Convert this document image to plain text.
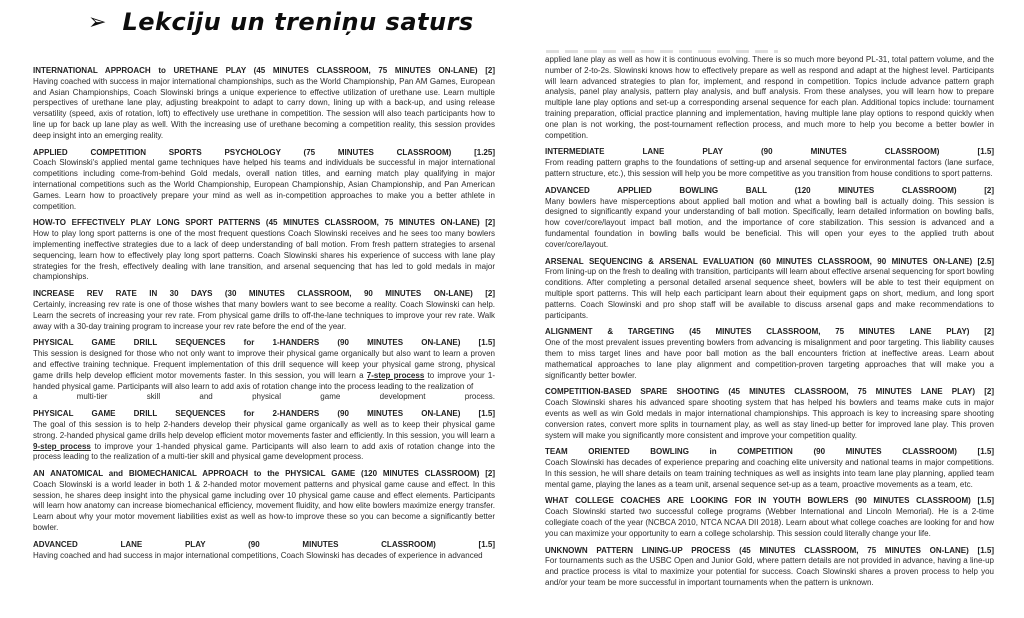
➢ Lekciju un treniņu saturs

INTERNATIONAL APPROACH to URETHANE PLAY (45 MINUTES CLASSROOM, 75 MINUTES ON-LANE) [2]

Having coached with success in major international championships, such as the World Championship, Pan AM Games, European and Asian Championships, Coach Slowinski brings a unique experience to effective utilization of urethane use. Learn multiple perspectives of urethane lane play, adjusting breakpoint to adapt to carry down, lining up with a back-up, and using release versatility (speed, axis of rotation, loft) to effectively use urethane in competition. The session will also teach participants how to line up for back up lane play as well. With the increasing use of urethane becoming a competition reality, this session provides deep insight into an emerging reality.

APPLIED COMPETITION SPORTS PSYCHOLOGY (75 MINUTES CLASSROOM) [1.25]

Coach Slowinski's applied mental game techniques have helped his teams and individuals be successful in major international competitions including come-from-behind Gold medals, overall nation titles, and earning match play qualifying in major international competitions such as the World Championship, European Championship, Asian Championship, and Pan American Games. Learn how to proactively prepare your mind as well as in-competition approaches to make you a better athlete in competition.

HOW-TO EFFECTIVELY PLAY LONG SPORT PATTERNS (45 MINUTES CLASSROOM, 75 MINUTES ON-LANE) [2]

How to play long sport patterns is one of the most frequent questions Coach Slowinski receives and he sees too many bowlers implementing ineffective strategies due to a lack of deep understanding of ball motion. From fresh pattern strategies to arsenal sequencing, learn how to effectively play long sport patterns. Coach Slowinski shares his experience of success with lane play strategies for the fresh, effectively dealing with lane transition, and arsenal sequencing that has led to gold medals in major championships.

INCREASE REV RATE IN 30 DAYS (30 MINUTES CLASSROOM, 90 MINUTES ON-LANE) [2]

Certainly, increasing rev rate is one of those wishes that many bowlers want to see become a reality. Coach Slowinski can help. Learn the secrets of increasing your rev rate. From physical game drills to off-the-lane techniques to improve your rev rate. Walk away with a 30-day training program to increase your rev rate before the end of the year.

PHYSICAL GAME DRILL SEQUENCES for 1-HANDERS (90 MINUTES ON-LANE) [1.5]

This session is designed for those who not only want to improve their physical game organically but also want to learn a proven and effective training technique. Frequent implementation of this drill sequence will keep your physical game strong, physical game drills help develop efficient motor movements faster. In this session, you will learn a 7-step process to improve your 1-handed physical game. Participants will also learn to add axis of rotation change into the process leading to the realization of

a multi-tier skill and physical game development process.

PHYSICAL GAME DRILL SEQUENCES for 2-HANDERS (90 MINUTES ON-LANE) [1.5]

The goal of this session is to help 2-handers develop their physical game organically as well as to keep their physical game strong. 2-handed physical game drills help develop efficient motor movements faster and efficiently. In this session, you will learn a 9-step process to improve your 1-handed physical game. Participants will also learn to add axis of rotation change into the process leading to the realization of a multi-tier skill and physical game development process.

AN ANATOMICAL and BIOMECHANICAL APPROACH to the PHYSICAL GAME (120 MINUTES CLASSROOM) [2]

Coach Slowinski is a world leader in both 1 & 2-handed motor movement patterns and physical game cause and effect. In this session, he shares deep insight into the physical game including over 10 physical game cause and effect elements. Participants will learn how anatomy can increase biomechanical efficiency, movement fluidity, and how elite bowlers maximize energy transfer. Learn about why your motor movement liabilities exist as well as how-to improve these so you can become a significantly better bowler.

ADVANCED LANE PLAY (90 MINUTES CLASSROOM) [1.5]

Having coached and had success in major international competitions, Coach Slowinski has decades of experience in advanced

applied lane play as well as how it is continuous evolving. There is so much more beyond PL-31, total pattern volume, and the number of 2-to-2s. Slowinski knows how to effectively prepare as well as respond and adapt at the highest level. Participants will learn advanced strategies to plan for, implement, and respond in competition. Topics include advance pattern graph analysis, panel play analysis, pattern play analysis, and buff analysis. From these analyses, you will learn how to prepare multiple lane play options and set-up a corresponding arsenal sequence for each plan. Additional topics include: tournament training preparation, official practice planning and implementation, having multiple lane play options to respond quickly when one plan is not working, the post-tournament reflection process, and much more to help you become a better bowler in competition.

INTERMEDIATE LANE PLAY (90 MINUTES CLASSROOM) [1.5]

From reading pattern graphs to the foundations of setting-up and arsenal sequence for environmental factors (lane surface, pattern structure, etc.), this session will help you be more competitive as you transition from house conditions to sport patterns.

ADVANCED APPLIED BOWLING BALL (120 MINUTES CLASSROOM) [2]

Many bowlers have misperceptions about applied ball motion and what a bowling ball is actually doing. This session is designed to significantly expand your understanding of ball motion. Specifically, learn detailed information on bowling balls, how cover/core/layout impact ball motion, and the importance of core stabilization. This session is advanced and a fundamental foundation in bowling balls would be beneficial. This will open your eyes to the applied truth about cover/core/layout.

ARSENAL SEQUENCING & ARSENAL EVALUATION (60 MINUTES CLASSROOM, 90 MINUTES ON-LANE) [2.5]

From lining-up on the fresh to dealing with transition, participants will learn about effective arsenal sequencing for sport bowling conditions. After completing a personal detailed arsenal sequence sheet, bowlers will be able to test their equipment on multiple sport patterns. This will help each participant learn about their equipment gaps on short, medium, and long sport patterns. Coach Slowinski and pro shop staff will be available to discuss arsenal gaps and make recommendations to participants.

ALIGNMENT & TARGETING (45 MINUTES CLASSROOM, 75 MINUTES LANE PLAY) [2]

One of the most prevalent issues preventing bowlers from advancing is misalignment and poor targeting. This liability causes them to miss target lines and have poor ball motion as the ball encounters friction at ineffective areas. Learn about mathematical approaches to lane play alignment and competition-proven targeting approaches that will make you a significantly better bowler.

COMPETITION-BASED SPARE SHOOTING (45 MINUTES CLASSROOM, 75 MINUTES LANE PLAY) [2]

Coach Slowinski shares his advanced spare shooting system that has helped his bowlers and teams make cuts in major events as well as win Gold medals in major international championships. This approach is key to increasing spare shooting conversion rates, convert more splits in tournament play, as well as stay lined-up better for improved lane play. This proven system will make you significantly more consistent and improve your competition quality.

TEAM ORIENTED BOWLING in COMPETITION (90 MINUTES CLASSROOM) [1.5]

Coach Slowinski has decades of experience preparing and coaching elite university and national teams in major competitions. In this session, he will share details on team training techniques as well as insights into team lane play planning, applied team mental game, playing the lanes as a team unit, arsenal sequence set-up as a team, proactive movements as a team, etc.

WHAT COLLEGE COACHES ARE LOOKING FOR IN YOUTH BOWLERS (90 MINUTES CLASSROOM) [1.5]

Coach Slowinski started two successful college programs (Webber International and Lincoln Memorial). He is a 2-time collegiate coach of the year (NCBCA 2010, NTCA NCAA DII 2018). Learn about what college coaches are looking for and how you can maximize your opportunity to earn a college scholarship. This session could literally change your life.

UNKNOWN PATTERN LINING-UP PROCESS (45 MINUTES CLASSROOM, 75 MINUTES ON-LANE) [1.5]

For tournaments such as the USBC Open and Junior Gold, where pattern details are not provided in advance, having a line-up and practice process is vital to maximize your potential for success. Coach Slowinski shares a proven process to help you and/or your team be more successful in important tournaments when the pattern is unknown.
